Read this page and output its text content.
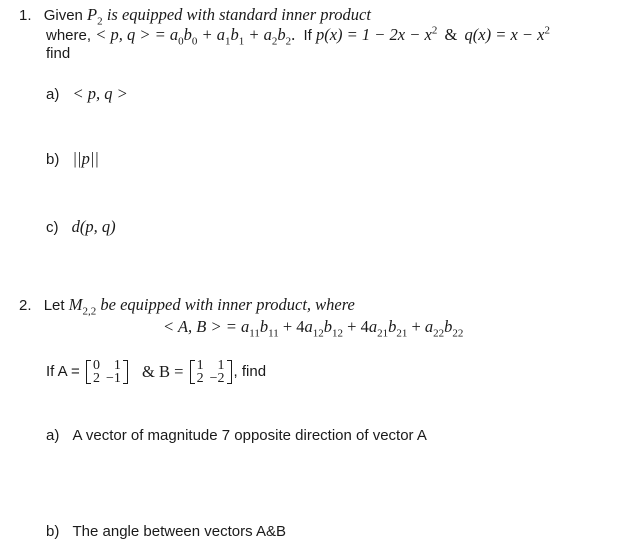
1. Given $P_2$ is equipped with standard inner product
where, < p, q > = $a_0b_0 + a_1b_1 + a_2b_2$. If $p(x) = 1 - 2x - x^2$ & $q(x) = x - x^2$
find
a) < p, q >
b) ||p||
c) d(p, q)
2. Let $M_{2,2}$ be equipped with inner product, where
< A, B > = $a_{11}b_{11} + 4a_{12}b_{12} + 4a_{21}b_{21} + a_{22}b_{22}$
If A = 0	1
2	−1 & B = 1	1
2	−2 , find
a) A vector of magnitude 7 opposite direction of vector A
b) The angle between vectors A&B
